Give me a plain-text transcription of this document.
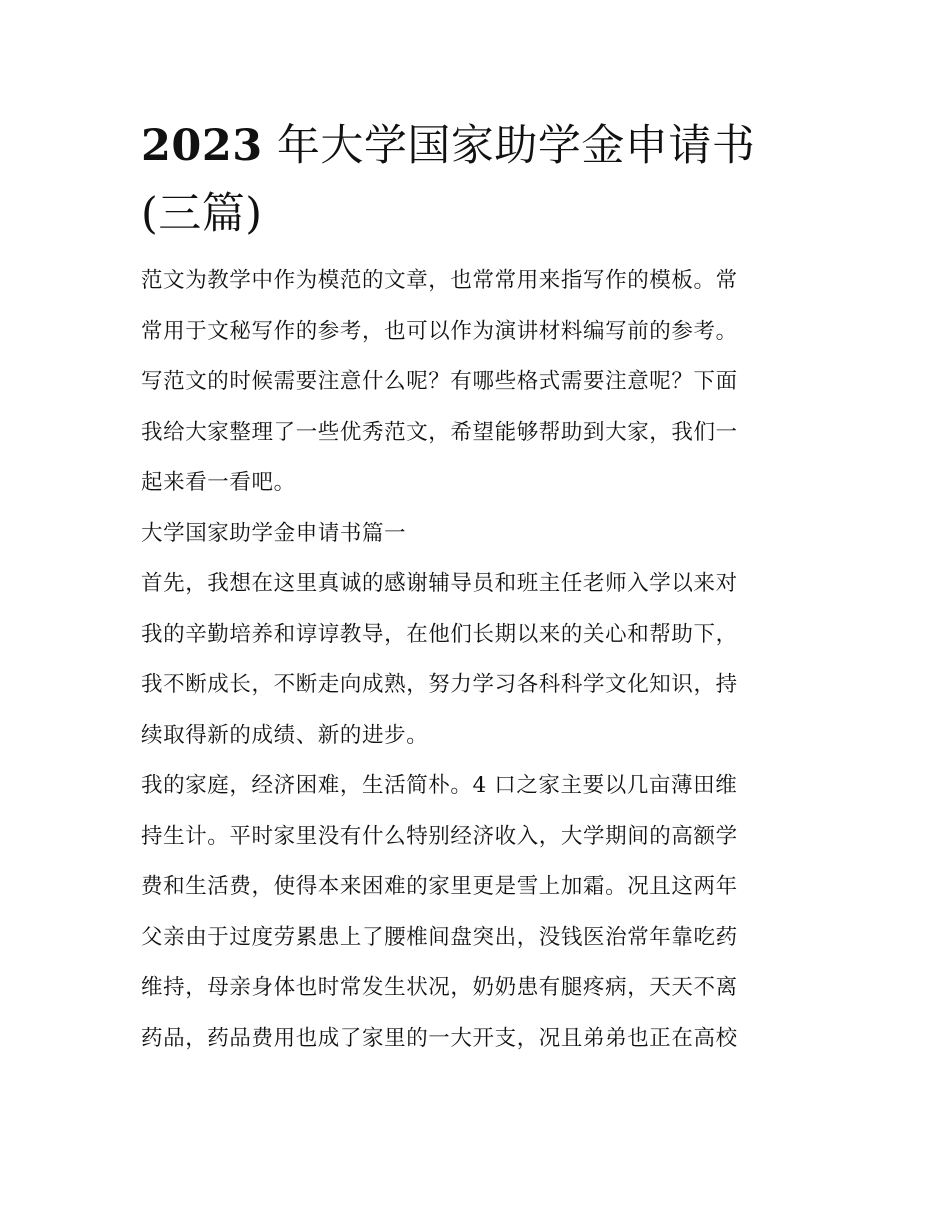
2023 年大学国家助学金申请书
(三篇)

范文为教学中作为模范的文章，也常常用来指写作的模板。常
常用于文秘写作的参考，也可以作为演讲材料编写前的参考。
写范文的时候需要注意什么呢？有哪些格式需要注意呢？下面
我给大家整理了一些优秀范文，希望能够帮助到大家，我们一
起来看一看吧。

大学国家助学金申请书篇一

首先，我想在这里真诚的感谢辅导员和班主任老师入学以来对
我的辛勤培养和谆谆教导，在他们长期以来的关心和帮助下，
我不断成长，不断走向成熟，努力学习各科科学文化知识，持
续取得新的成绩、新的进步。

我的家庭，经济困难，生活简朴。4 口之家主要以几亩薄田维
持生计。平时家里没有什么特别经济收入，大学期间的高额学
费和生活费，使得本来困难的家里更是雪上加霜。况且这两年
父亲由于过度劳累患上了腰椎间盘突出，没钱医治常年靠吃药
维持，母亲身体也时常发生状况，奶奶患有腿疼病，天天不离
药品，药品费用也成了家里的一大开支，况且弟弟也正在高校
